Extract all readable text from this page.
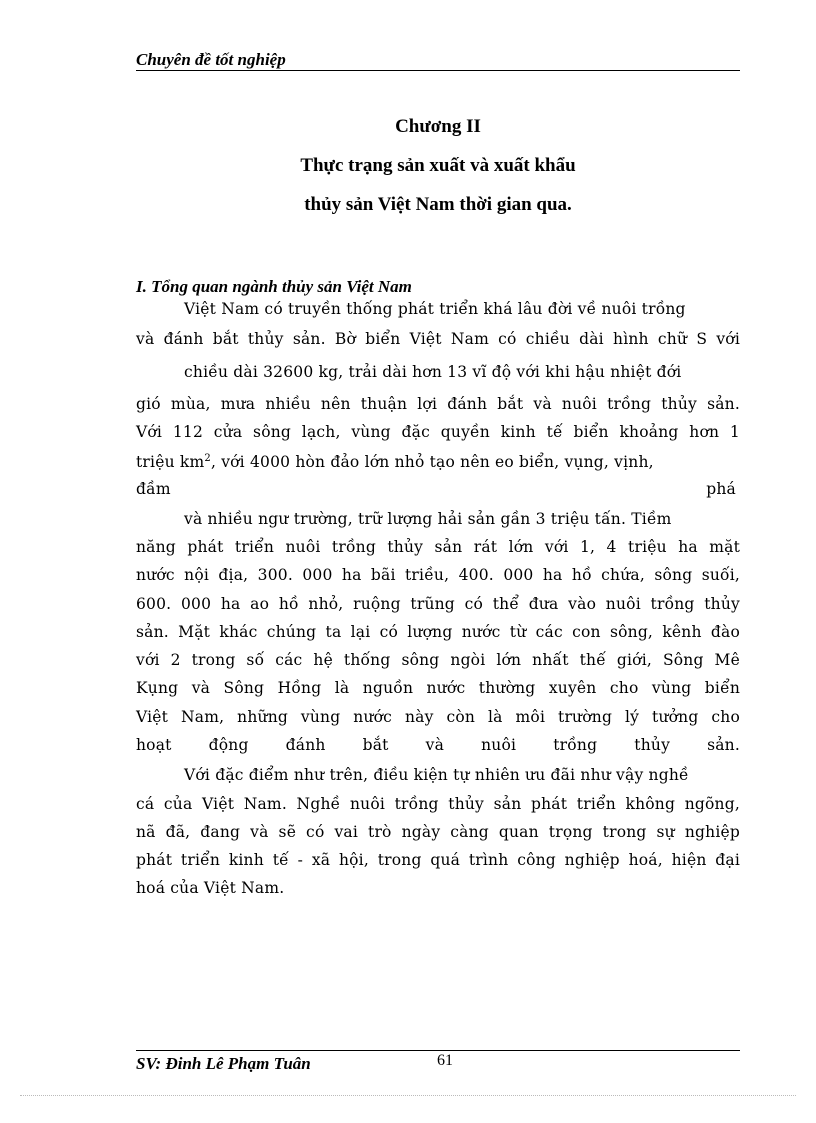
Chuyên đề tốt nghiệp
Chương II
Thực trạng sản xuất và xuất khẩu
thủy sản Việt Nam thời gian qua.
I. Tổng quan ngành thủy sản Việt Nam
Việt Nam có truyền thống phát triển khá lâu đời về nuôi trồng
và đánh bắt thủy sản. Bờ biển Việt Nam có chiều dài hình chữ S với
chiều dài 32600 kg, trải dài hơn 13 vĩ độ với khi hậu nhiệt đới
gió mùa, mưa nhiều nên thuận lợi đánh bắt và nuôi trồng thủy sản.
Với 112 cửa sông lạch, vùng đặc quyền kinh tế biển khoảng hơn 1
triệu $km^2$, với 4000 hòn đảo lớn nhỏ tạo nên eo biển, vụng, vịnh,
đầm	phá
và nhiều ngư trường, trữ lượng hải sản gần 3 triệu tấn. Tiềm
năng phát triển nuôi trồng thủy sản rát lớn với 1, 4 triệu ha mặt
nước nội địa, 300. 000 ha bãi triều, 400. 000 ha hồ chứa, sông suối,
600. 000 ha ao hồ nhỏ, ruộng trũng có thể đưa vào nuôi trồng thủy
sản. Mặt khác chúng ta lại có lượng nước từ các con sông, kênh đào
với 2 trong số các hệ thống sông ngòi lớn nhất thế giới, Sông Mê
Kụng và Sông Hồng là nguồn nước thường xuyên cho vùng biển
Việt Nam, những vùng nước này còn là môi trường lý tưởng cho
hoạt động đánh bắt và nuôi trồng thủy sản.
Với đặc điểm như trên, điều kiện tự nhiên ưu đãi như vậy nghề
cá của Việt Nam. Nghề nuôi trồng thủy sản phát triển không ngõng,
nã đã, đang và sẽ có vai trò ngày càng quan trọng trong sự nghiệp
phát triển kinh tế - xã hội, trong quá trình công nghiệp hoá, hiện đại
hoá của Việt Nam.
SV: Đinh Lê Phạm Tuân	61
